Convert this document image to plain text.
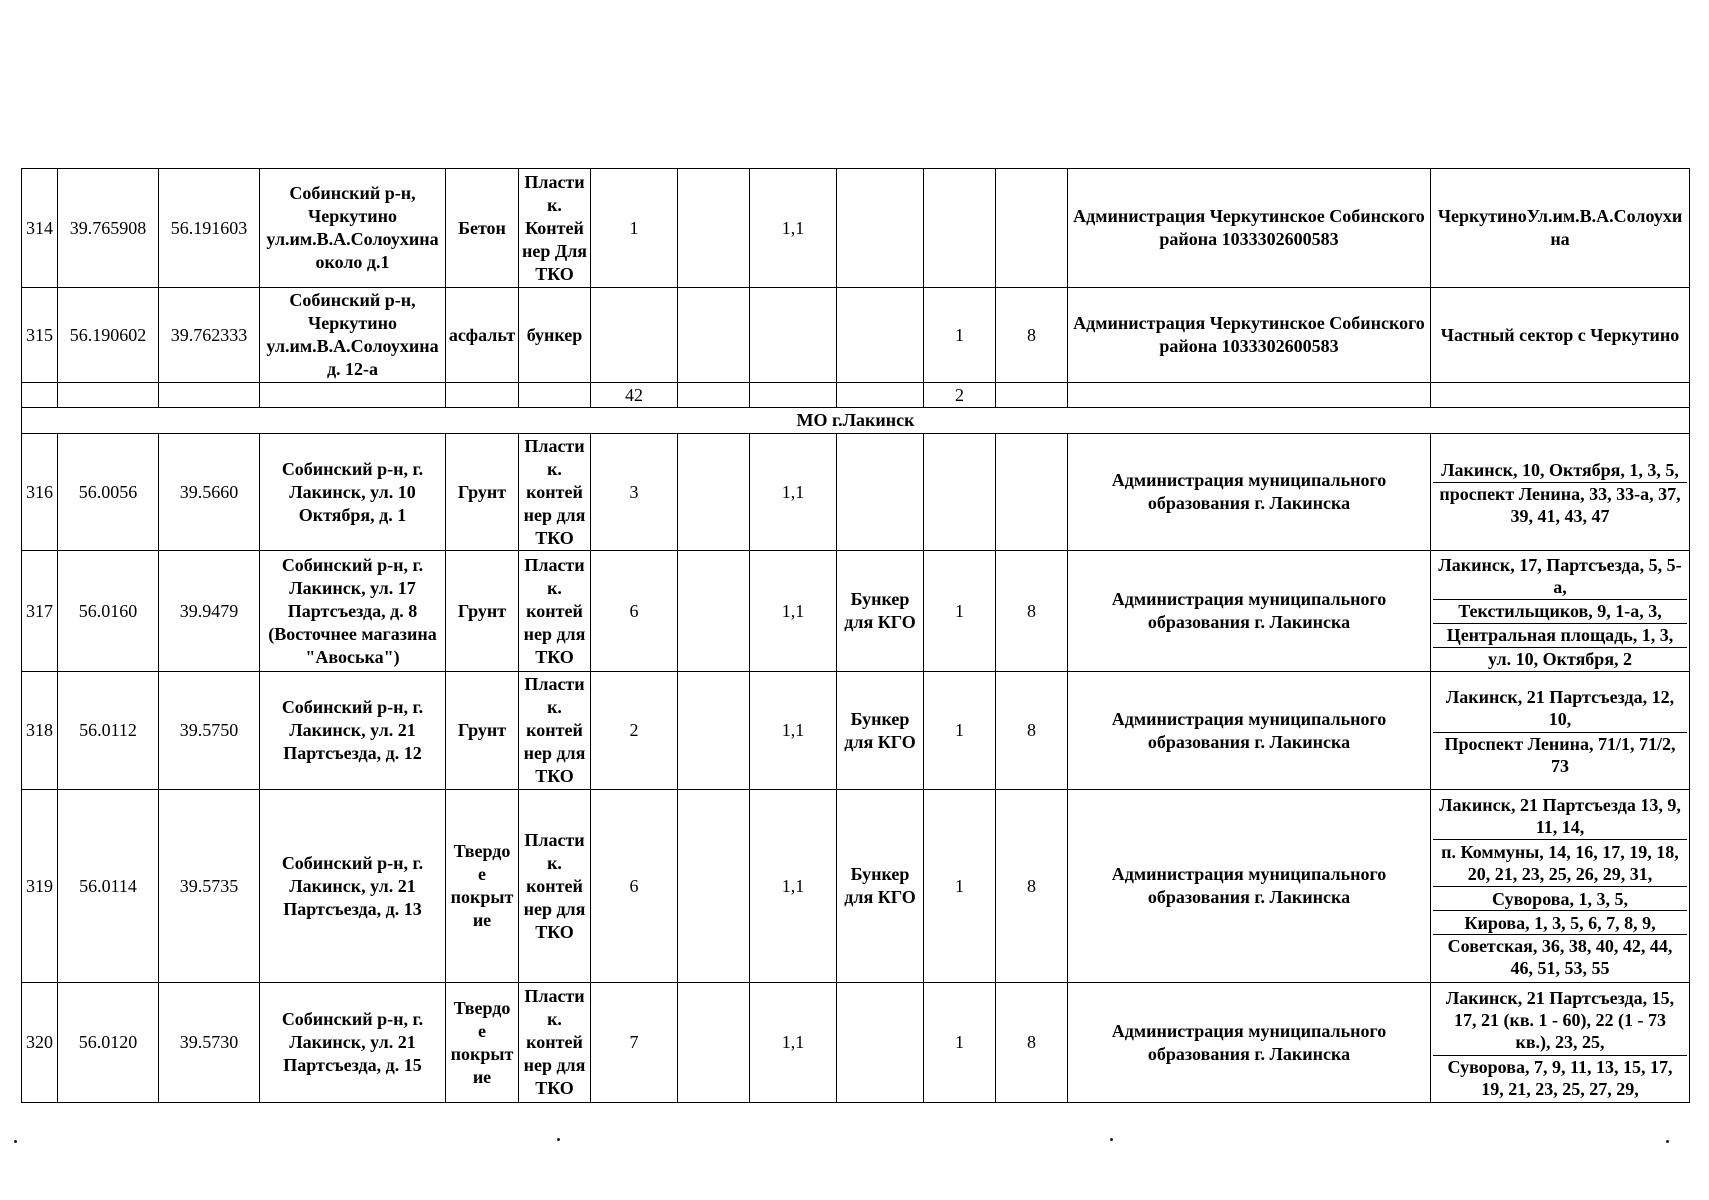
314	39.765908	56.191603	Собинский р-н, Черкутино ул.им.В.А.Солоухина около д.1	Бетон	Пласти к. Контей нер Для ТКО	1		1,1				Администрация Черкутинское Собинского района 1033302600583	ЧеркутиноУл.им.В.А.Солоухина
315	56.190602	39.762333	Собинский р-н, Черкутино ул.им.В.А.Солоухина д. 12-а	асфальт	бункер					1	8	Администрация Черкутинское Собинского района 1033302600583	Частный сектор с Черкутино
						42				2			
МО г.Лакинск													
316	56.0056	39.5660	Собинский р-н, г. Лакинск, ул. 10 Октября, д. 1	Грунт	Пласти к. контей нер для ТКО	3		1,1				Администрация муниципального образования г. Лакинска	Лакинск, 10, Октября, 1, 3, 5,
проспект Ленина, 33, 33-а, 37, 39, 41, 43, 47

317	56.0160	39.9479	Собинский р-н, г. Лакинск, ул. 17 Партсъезда, д. 8 (Восточнее магазина "Авоська")	Грунт	Пласти к. контей нер для ТКО	6		1,1	Бункер для КГО	1	8	Администрация муниципального образования г. Лакинска	Лакинск, 17, Партсъезда, 5, 5-а,
Текстильщиков, 9, 1-а, 3,
Центральная площадь, 1, 3,
ул. 10, Октября, 2

318	56.0112	39.5750	Собинский р-н, г. Лакинск, ул. 21 Партсъезда, д. 12	Грунт	Пласти к. контей нер для ТКО	2		1,1	Бункер для КГО	1	8	Администрация муниципального образования г. Лакинска	Лакинск, 21 Партсъезда, 12, 10,
Проспект Ленина, 71/1, 71/2, 73

319	56.0114	39.5735	Собинский р-н, г. Лакинск, ул. 21 Партсъезда, д. 13	Твердо е покрыт ие	Пласти к. контей нер для ТКО	6		1,1	Бункер для КГО	1	8	Администрация муниципального образования г. Лакинска	Лакинск, 21 Партсъезда 13, 9, 11, 14,
п. Коммуны, 14, 16, 17, 19, 18, 20, 21, 23, 25, 26, 29, 31,
Суворова, 1, 3, 5,
Кирова, 1, 3, 5, 6, 7, 8, 9,
Советская, 36, 38, 40, 42, 44, 46, 51, 53, 55

320	56.0120	39.5730	Собинский р-н, г. Лакинск, ул. 21 Партсъезда, д. 15	Твердо е покрыт ие	Пласти к. контей нер для ТКО	7		1,1		1	8	Администрация муниципального образования г. Лакинска	Лакинск, 21 Партсъезда, 15, 17, 21 (кв. 1 - 60), 22 (1 - 73 кв.), 23, 25,
Суворова, 7, 9, 11, 13, 15, 17, 19, 21, 23, 25, 27, 29,
